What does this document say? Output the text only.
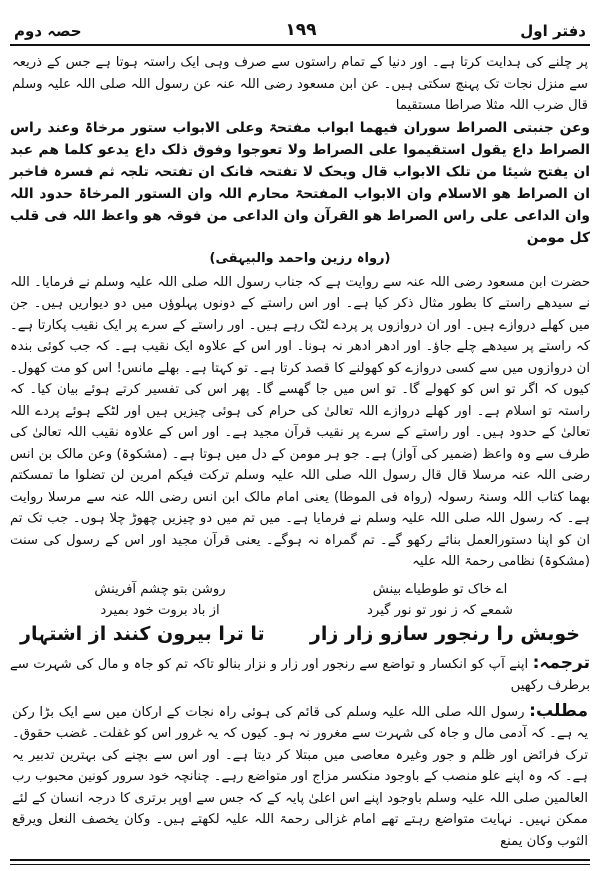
حصہ دوم	۱۹۹	دفتر اول

پر چلنے کی ہدایت کرتا ہے۔ اور دنیا کے تمام راستوں سے صرف وہی ایک راستہ ہوتا ہے جس کے ذریعہ سے منزل نجات تک پہنچ سکتی ہیں۔ عن ابن مسعود رضی اللہ عنہ عن رسول اللہ صلی اللہ علیہ وسلم قال ضرب اللہ مثلا صراطا مستقیما

وعن جنبتی الصراط سوران فیھما ابواب مفتحۃ وعلی الابواب ستور مرخاۃ وعند راس الصراط داع یقول استقیموا علی الصراط ولا تعوجوا وفوق ذلک داع یدعو کلما ھم عبد ان یفتح شیئا من تلک الابواب قال ویحک لا تفتحہ فانک ان تفتحہ تلجہ ثم فسرہ فاخبر ان الصراط ھو الاسلام وان الابواب المفتحۃ محارم اللہ وان الستور المرخاۃ حدود اللہ وان الداعی علی راس الصراط ھو القرآن وان الداعی من فوقہ ھو واعظ اللہ فی قلب کل مومن

(رواہ رزین واحمد والبیہقی)

حضرت ابن مسعود رضی اللہ عنہ سے روایت ہے کہ جناب رسول اللہ صلی اللہ علیہ وسلم نے فرمایا۔ اللہ نے سیدھے راستے کا بطور مثال ذکر کیا ہے۔ اور اس راستے کے دونوں پہلوؤں میں دو دیواریں ہیں۔ جن میں کھلے دروازے ہیں۔ اور ان دروازوں پر پردے لٹک رہے ہیں۔ اور راستے کے سرے پر ایک نقیب پکارتا ہے۔ کہ راستے پر سیدھے چلے جاؤ۔ اور ادھر ادھر نہ ہونا۔ اور اس کے علاوہ ایک نقیب ہے۔ کہ جب کوئی بندہ ان دروازوں میں سے کسی دروازے کو کھولنے کا قصد کرتا ہے۔ تو کہتا ہے۔ بھلے مانس! اس کو مت کھول۔ کیوں کہ اگر تو اس کو کھولے گا۔ تو اس میں جا گھسے گا۔ پھر اس کی تفسیر کرتے ہوئے بیان کیا۔ کہ راستہ تو اسلام ہے۔ اور کھلے دروازے اللہ تعالیٰ کی حرام کی ہوئی چیزیں ہیں اور لٹکے ہوئے پردے اللہ تعالیٰ کے حدود ہیں۔ اور راستے کے سرے پر نقیب قرآن مجید ہے۔ اور اس کے علاوہ نقیب اللہ تعالیٰ کی طرف سے وہ واعظ (ضمیر کی آواز) ہے۔ جو ہر مومن کے دل میں ہوتا ہے۔ (مشکوۃ) وعن مالک بن انس رضی اللہ عنہ مرسلا قال قال رسول اللہ صلی اللہ علیہ وسلم ترکت فیکم امرین لن تضلوا ما تمسکتم بھما کتاب اللہ وسنۃ رسولہ (رواہ فی الموطا) یعنی امام مالک ابن انس رضی اللہ عنہ سے مرسلا روایت ہے۔ کہ رسول اللہ صلی اللہ علیہ وسلم نے فرمایا ہے۔ میں تم میں دو چیزیں چھوڑ چلا ہوں۔ جب تک تم ان کو اپنا دستورالعمل بنائے رکھو گے۔ تم گمراہ نہ ہوگے۔ یعنی قرآن مجید اور اس کے رسول کی سنت (مشکوۃ) نظامی رحمۃ اللہ علیہ

اے خاک تو طوطیاے بینش
روشن بتو چشم آفرینش
شمعے کہ ز نور تو نور گیرد
از باد بروت خود بمیرد
خوبش را رنجور سازو زار زار
تا ترا بیرون کنند از اشتہار

ترجمہ: اپنے آپ کو انکسار و تواضع سے رنجور اور زار و نزار بنالو تاکہ تم کو جاہ و مال کی شہرت سے برطرف رکھیں

مطلب: رسول اللہ صلی اللہ علیہ وسلم کی قائم کی ہوئی راہ نجات کے ارکان میں سے ایک بڑا رکن یہ ہے۔ کہ آدمی مال و جاہ کی شہرت سے مغرور نہ ہو۔ کیوں کہ یہ غرور اس کو غفلت۔ غضب حقوق۔ ترک فرائض اور ظلم و جور وغیرہ معاصی میں مبتلا کر دیتا ہے۔ اور اس سے بچنے کی بہترین تدبیر یہ ہے۔ کہ وہ اپنے علو منصب کے باوجود منکسر مزاج اور متواضع رہے۔ چنانچہ خود سرور کونین محبوب رب العالمین صلی اللہ علیہ وسلم باوجود اپنے اس اعلیٰ پایہ کے کہ جس سے اوپر برتری کا درجہ انسان کے لئے ممکن نہیں۔ نہایت متواضع رہتے تھے امام غزالی رحمۃ اللہ علیہ لکھتے ہیں۔ وکان یخصف النعل ویرقع الثوب وکان یمنع
